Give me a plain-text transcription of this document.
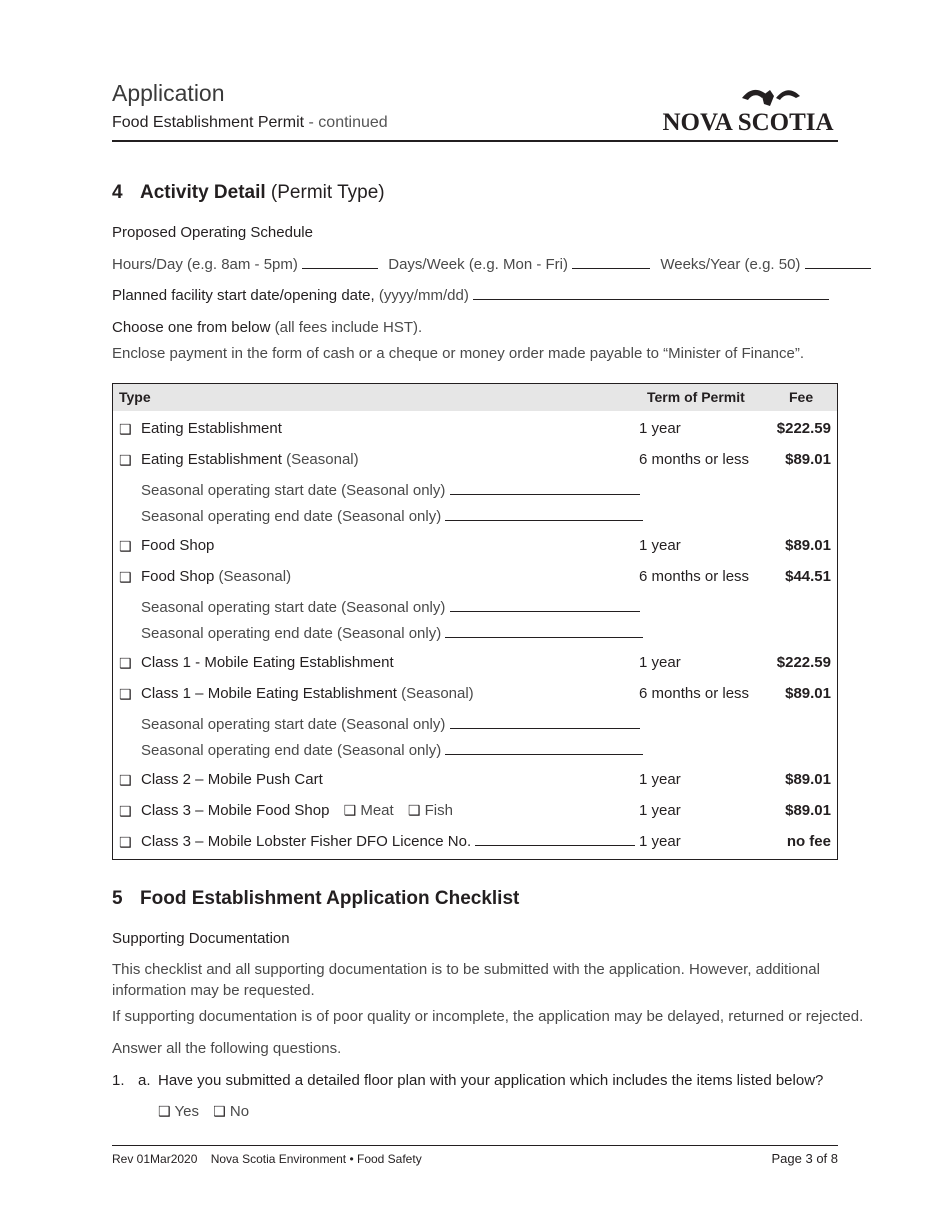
Application
Food Establishment Permit - continued	NOVA SCOTIA
4 Activity Detail (Permit Type)
Proposed Operating Schedule
Hours/Day (e.g. 8am - 5pm)	Days/Week (e.g. Mon - Fri)	Weeks/Year (e.g. 50)
Planned facility start date/opening date, (yyyy/mm/dd)
Choose one from below (all fees include HST).
Enclose payment in the form of cash or a cheque or money order made payable to “Minister of Finance”.
Type	Term of Permit	Fee
❑ Eating Establishment	1 year	$222.59
❑ Eating Establishment (Seasonal)	6 months or less $89.01
Seasonal operating start date (Seasonal only)
Seasonal operating end date (Seasonal only)
❑ Food Shop	1 year	$89.01
❑ Food Shop (Seasonal)	6 months or less $44.51
Seasonal operating start date (Seasonal only)
Seasonal operating end date (Seasonal only)
❑ Class 1 - Mobile Eating Establishment	1 year	$222.59
❑ Class 1 – Mobile Eating Establishment (Seasonal)	6 months or less $89.01
Seasonal operating start date (Seasonal only)
Seasonal operating end date (Seasonal only)
❑ Class 2 – Mobile Push Cart	1 year	$89.01
❑ Class 3 – Mobile Food Shop ❑ Meat ❑ Fish	1 year	$89.01
❑ Class 3 – Mobile Lobster Fisher DFO Licence No.	1 year	no fee
5 Food Establishment Application Checklist
Supporting Documentation
This checklist and all supporting documentation is to be submitted with the application. However, additional
information may be requested.
If supporting documentation is of poor quality or incomplete, the application may be delayed, returned or rejected.
Answer all the following questions.
1. a. Have you submitted a detailed floor plan with your application which includes the items listed below?
❑ Yes ❑ No
Rev 01Mar2020    Nova Scotia Environment • Food Safety	Page 3 of 8
